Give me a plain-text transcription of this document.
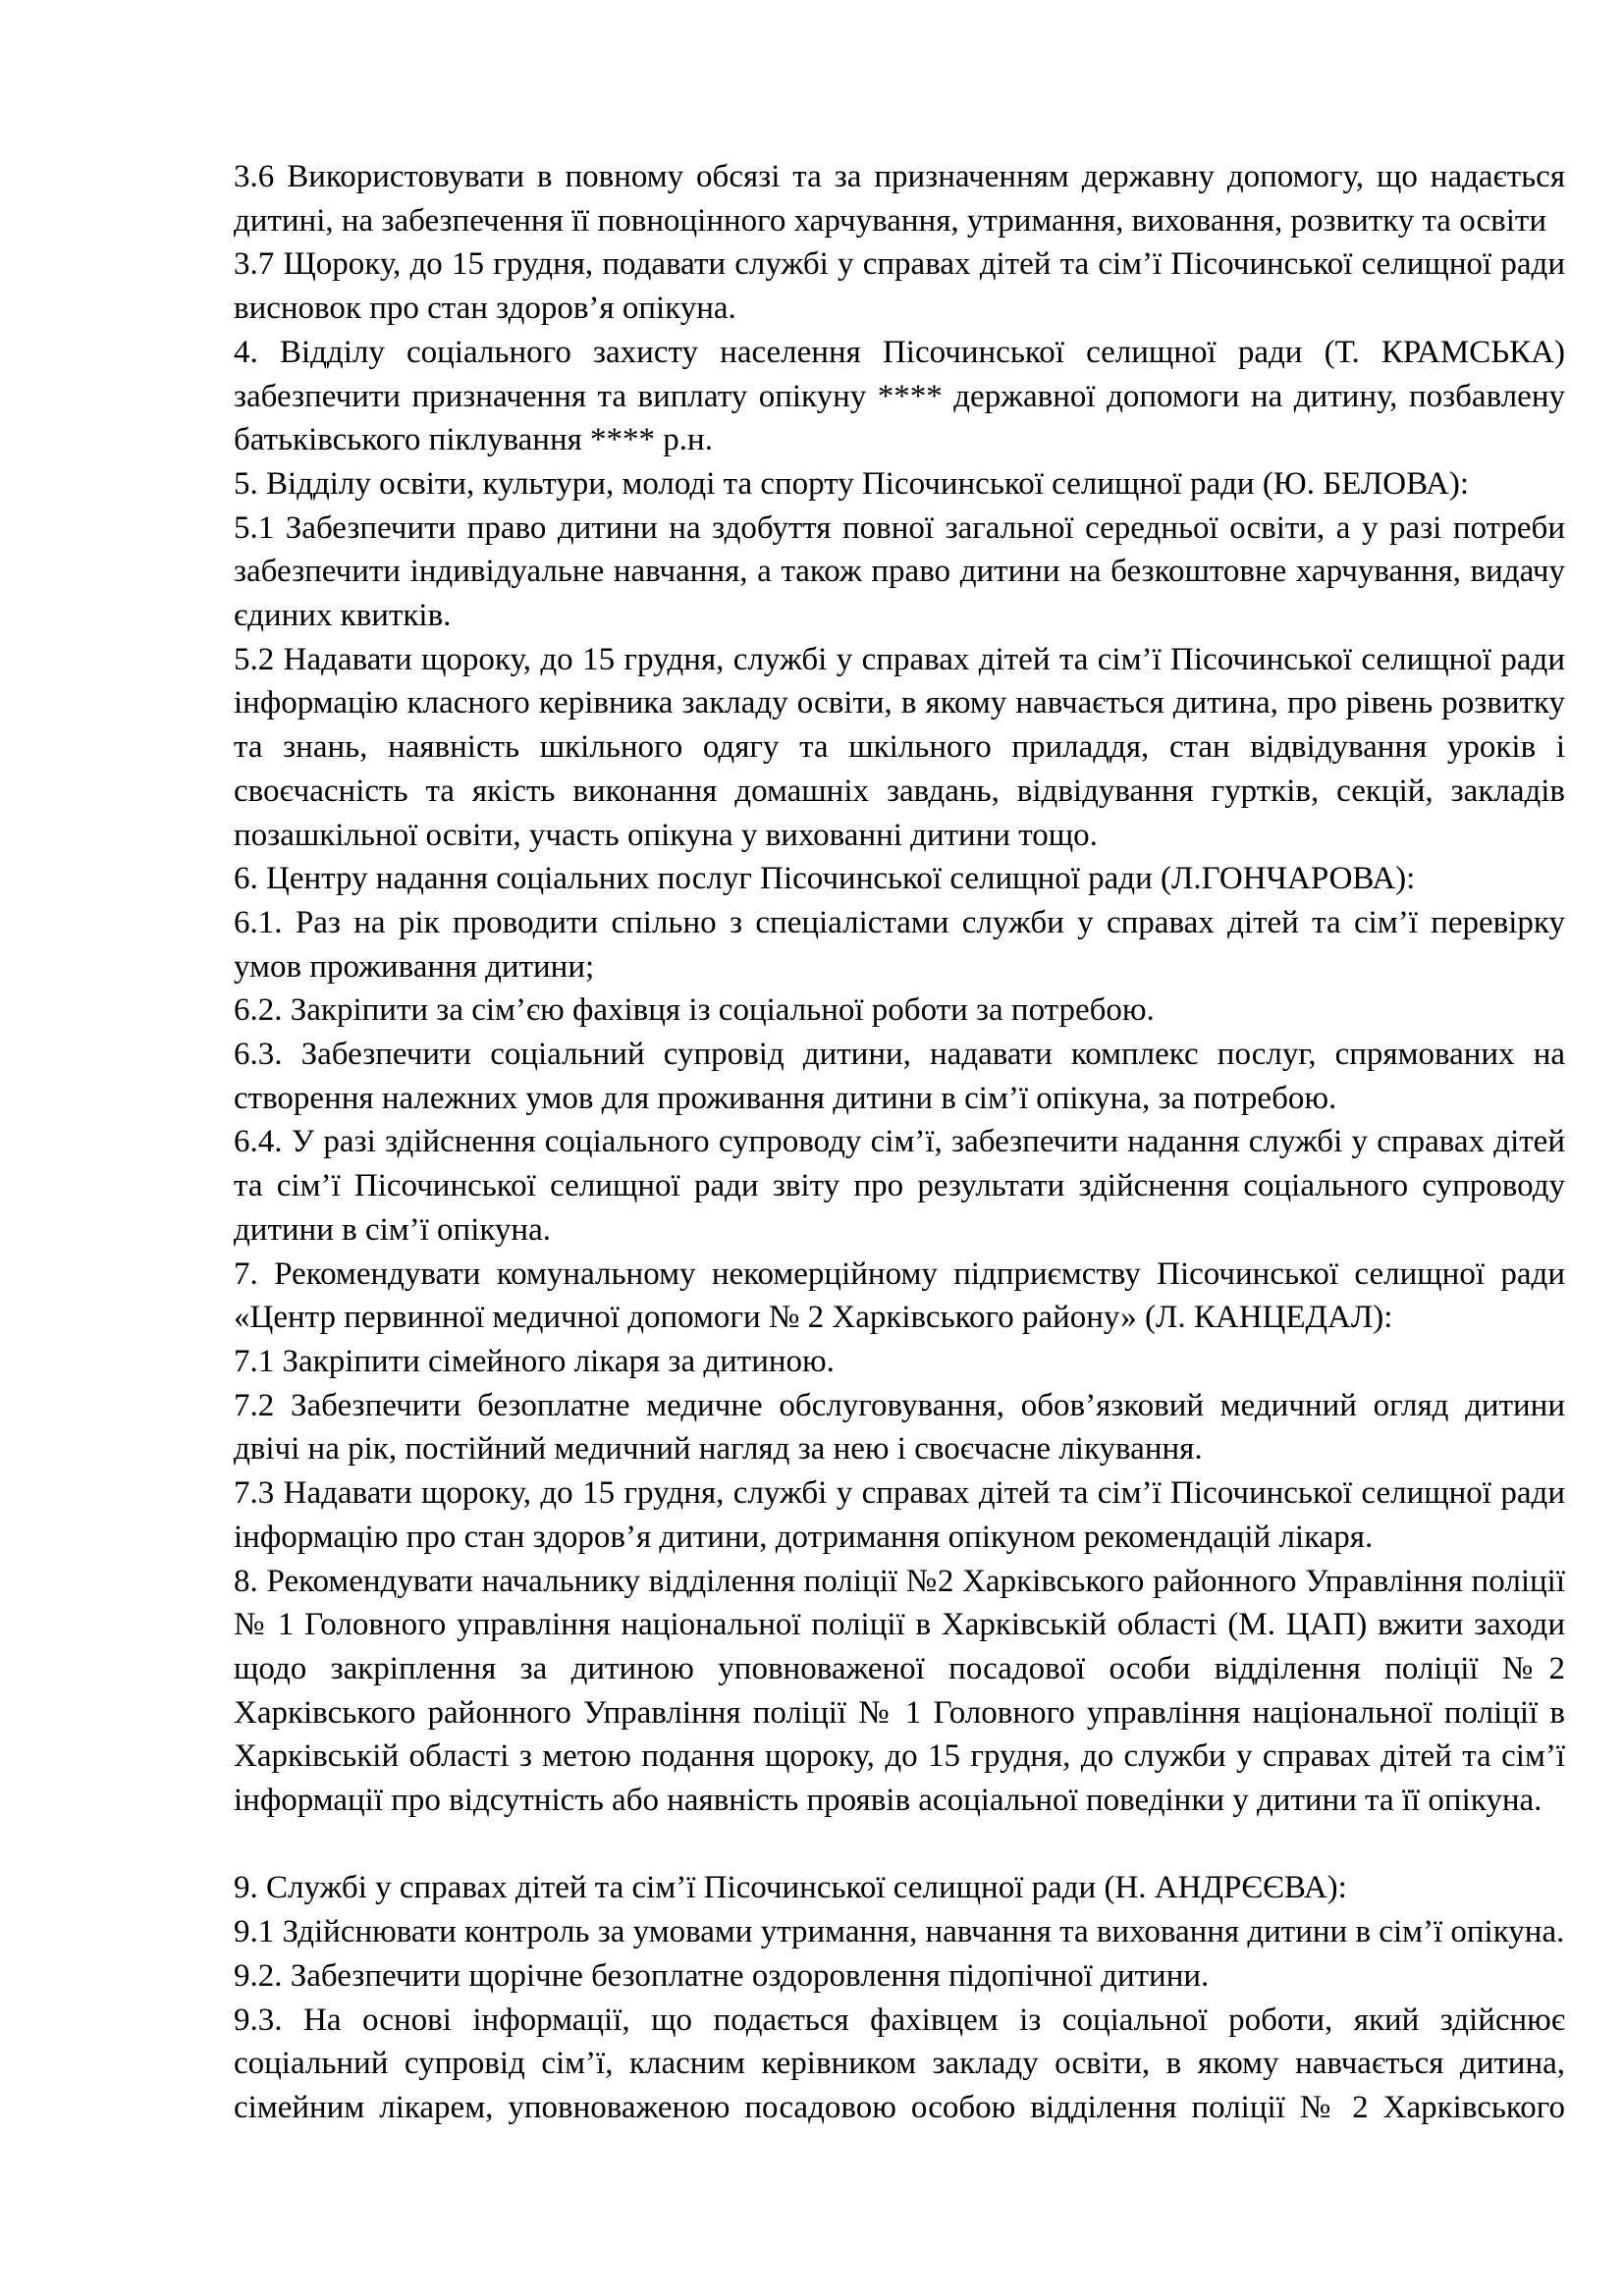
3.6 Використовувати в повному обсязі та за призначенням державну допомогу, що надається дитині, на забезпечення її повноцінного харчування, утримання, виховання, розвитку та освіти

3.7 Щороку, до 15 грудня, подавати службі у справах дітей та сім’ї Пісочинської селищної ради висновок про стан здоров’я опікуна.

4. Відділу соціального захисту населення Пісочинської селищної ради (Т. КРАМСЬКА) забезпечити призначення та виплату опікуну **** державної допомоги на дитину, позбавлену батьківського піклування **** р.н.

5. Відділу освіти, культури, молоді та спорту Пісочинської селищної ради (Ю. БЕЛОВА):

5.1 Забезпечити право дитини на здобуття повної загальної середньої освіти, а у разі потреби забезпечити індивідуальне навчання, а також право дитини на безкоштовне харчування, видачу єдиних квитків.

5.2 Надавати щороку, до 15 грудня, службі у справах дітей та сім’ї Пісочинської селищної ради інформацію класного керівника закладу освіти, в якому навчається дитина, про рівень розвитку та знань, наявність шкільного одягу та шкільного приладдя, стан відвідування уроків і своєчасність та якість виконання домашніх завдань, відвідування гуртків, секцій, закладів позашкільної освіти, участь опікуна у вихованні дитини тощо.

6. Центру надання соціальних послуг Пісочинської селищної ради (Л.ГОНЧАРОВА):

6.1. Раз на рік проводити спільно з спеціалістами служби у справах дітей та сім’ї перевірку умов проживання дитини;

6.2. Закріпити за сім’єю фахівця із соціальної роботи за потребою.

6.3. Забезпечити соціальний супровід дитини, надавати комплекс послуг, спрямованих на створення належних умов для проживання дитини в сім’ї опікуна, за потребою.

6.4. У разі здійснення соціального супроводу сім’ї, забезпечити надання службі у справах дітей та сім’ї Пісочинської селищної ради звіту про результати здійснення соціального супроводу дитини в сім’ї опікуна.

7. Рекомендувати комунальному некомерційному підприємству Пісочинської селищної ради «Центр первинної медичної допомоги № 2 Харківського району» (Л. КАНЦЕДАЛ):

7.1 Закріпити сімейного лікаря за дитиною.

7.2 Забезпечити безоплатне медичне обслуговування, обов’язковий медичний огляд дитини двічі на рік, постійний медичний нагляд за нею і своєчасне лікування.

7.3 Надавати щороку, до 15 грудня, службі у справах дітей та сім’ї Пісочинської селищної ради інформацію про стан здоров’я дитини, дотримання опікуном рекомендацій лікаря.

8. Рекомендувати начальнику відділення поліції №2 Харківського районного Управління поліції № 1 Головного управління національної поліції в Харківській області (М. ЦАП) вжити заходи щодо закріплення за дитиною уповноваженої посадової особи відділення поліції №2 Харківського районного Управління поліції № 1 Головного управління національної поліції в Харківській області з метою подання щороку, до 15 грудня, до служби у справах дітей та сім’ї інформації про відсутність або наявність проявів асоціальної поведінки у дитини та її опікуна.

9. Службі у справах дітей та сім’ї Пісочинської селищної ради (Н. АНДРЄЄВА):

9.1 Здійснювати контроль за умовами утримання, навчання та виховання дитини в сім’ї опікуна.

9.2. Забезпечити щорічне безоплатне оздоровлення підопічної дитини.

9.3. На основі інформації, що подається фахівцем із соціальної роботи, який здійснює соціальний супровід сім’ї, класним керівником закладу освіти, в якому навчається дитина, сімейним лікарем, уповноваженою посадовою особою відділення поліції № 2 Харківського
